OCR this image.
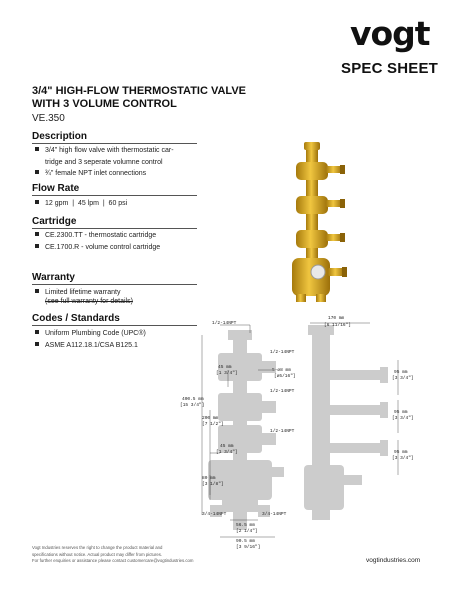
vogt
SPEC SHEET
3/4" HIGH-FLOW THERMOSTATIC VALVE
WITH 3 VOLUME CONTROL
VE.350
Description
3/4" high flow valve with thermostatic car-
tridge and 3 seperate volumne control
¾" female NPT inlet connections
Flow Rate
12 gpm  |  45 lpm  |  60 psi
Cartridge
CE.2300.TT - thermostatic cartridge
CE.1700.R - volume control cartridge
Warranty
Limited lifetime warranty
(see full warranty for details)
Codes / Standards
Uniform Plumbing Code (UPC®)
ASME A112.18.1/CSA B125.1
1/2-14NPT
1/2-14NPT
45 mm
[1 3/4"]
5-ø8 mm
[ø5/16"]
1/2-14NPT
400.5 mm
[15 3/4"]
200 mm
[7 1/2"]
1/2-14NPT
45 mm
[1 3/4"]
80 mm
[3 1/8"]
3/4-14NPT	3/4-14NPT
56.5 mm
[2 1/4"]
90.5 mm
[3 9/16"]
170 mm
[6 11/16"]
95 mm
[3 3/4"]
95 mm
[3 3/4"]
95 mm
[3 3/4"]
Vogt Industries reserves the right to change the product material and
specifications without notice. Actual product may differ from pictures.
For further enquiries or assistance please contact customercare@vogtindustries.com	vogtindustries.com
